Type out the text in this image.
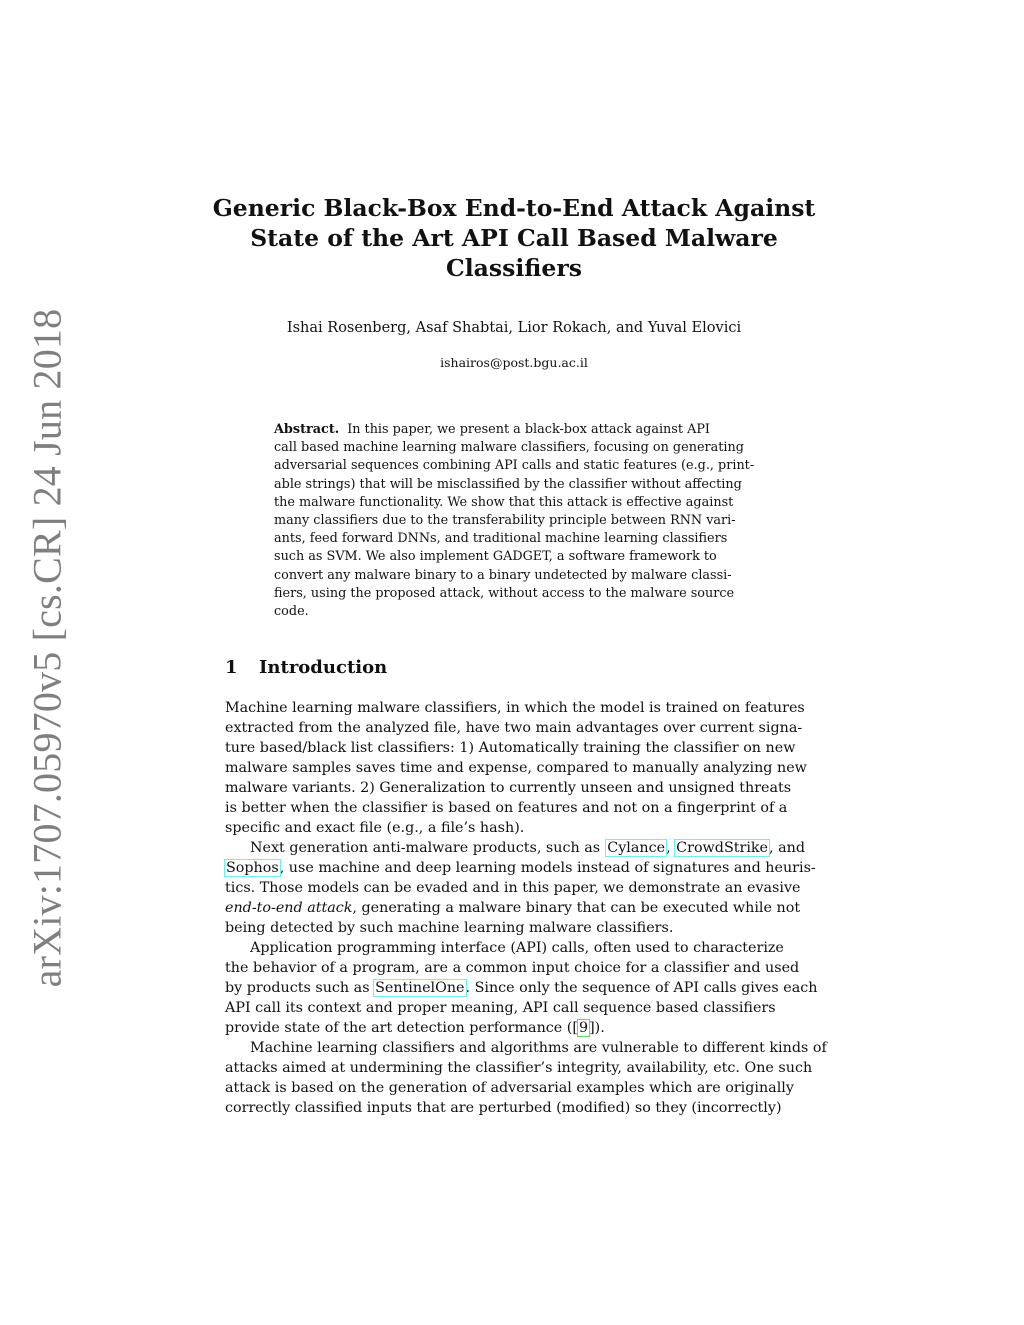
arXiv:1707.05970v5 [cs.CR] 24 Jun 2018
Generic Black-Box End-to-End Attack Against
State of the Art API Call Based Malware
Classifiers
Ishai Rosenberg, Asaf Shabtai, Lior Rokach, and Yuval Elovici
ishairos@post.bgu.ac.il
Abstract. In this paper, we present a black-box attack against API
call based machine learning malware classifiers, focusing on generating
adversarial sequences combining API calls and static features (e.g., print-
able strings) that will be misclassified by the classifier without affecting
the malware functionality. We show that this attack is effective against
many classifiers due to the transferability principle between RNN vari-
ants, feed forward DNNs, and traditional machine learning classifiers
such as SVM. We also implement GADGET, a software framework to
convert any malware binary to a binary undetected by malware classi-
fiers, using the proposed attack, without access to the malware source
code.
1 Introduction
Machine learning malware classifiers, in which the model is trained on features
extracted from the analyzed file, have two main advantages over current signa-
ture based/black list classifiers: 1) Automatically training the classifier on new
malware samples saves time and expense, compared to manually analyzing new
malware variants. 2) Generalization to currently unseen and unsigned threats
is better when the classifier is based on features and not on a fingerprint of a
specific and exact file (e.g., a file’s hash).
Next generation anti-malware products, such as Cylance, CrowdStrike, and
Sophos, use machine and deep learning models instead of signatures and heuris-
tics. Those models can be evaded and in this paper, we demonstrate an evasive
end-to-end attack, generating a malware binary that can be executed while not
being detected by such machine learning malware classifiers.
Application programming interface (API) calls, often used to characterize
the behavior of a program, are a common input choice for a classifier and used
by products such as SentinelOne. Since only the sequence of API calls gives each
API call its context and proper meaning, API call sequence based classifiers
provide state of the art detection performance ([9]).
Machine learning classifiers and algorithms are vulnerable to different kinds of
attacks aimed at undermining the classifier’s integrity, availability, etc. One such
attack is based on the generation of adversarial examples which are originally
correctly classified inputs that are perturbed (modified) so they (incorrectly)
